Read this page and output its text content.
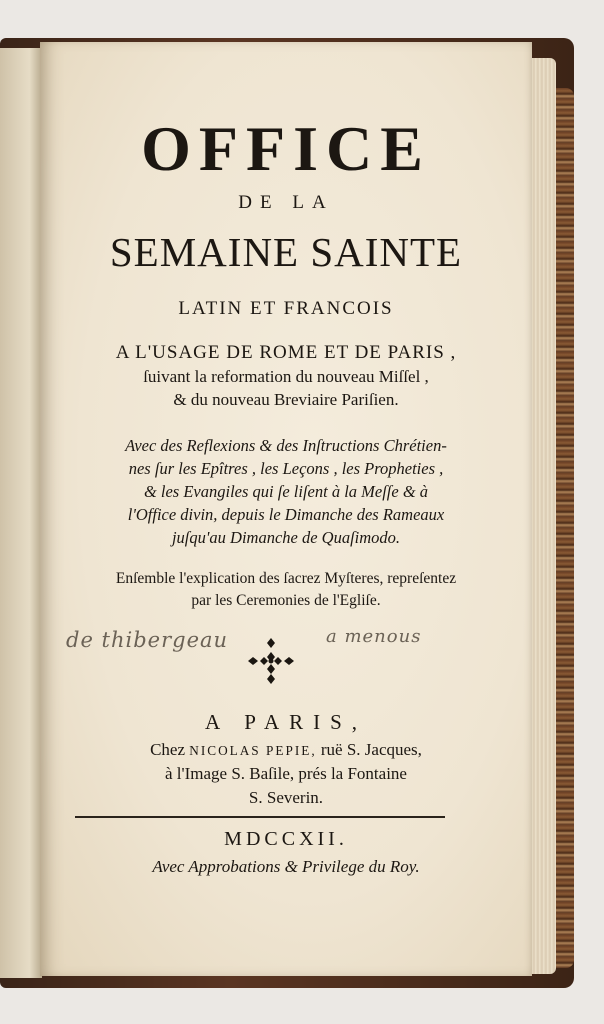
OFFICE
DE LA
SEMAINE SAINTE
LATIN ET FRANCOIS
A L'USAGE DE ROME ET DE PARIS ,
ſuivant la reformation du nouveau Miſſel ,
& du nouveau Breviaire Pariſien.
Avec des Reflexions & des Inſtructions Chrétien-
nes ſur les Epîtres , les Leçons , les Propheties ,
& les Evangiles qui ſe liſent à la Meſſe & à
l'Office divin, depuis le Dimanche des Rameaux
juſqu'au Dimanche de Quaſimodo.
Enſemble l'explication des ſacrez Myſteres, repreſentez
par les Ceremonies de l'Egliſe.
de thibergeau	a menous
A PARIS,
Chez NICOLAS PEPIE, ruë S. Jacques,
à l'Image S. Baſile, prés la Fontaine
S. Severin.
MDCCXII.
Avec Approbations & Privilege du Roy.
